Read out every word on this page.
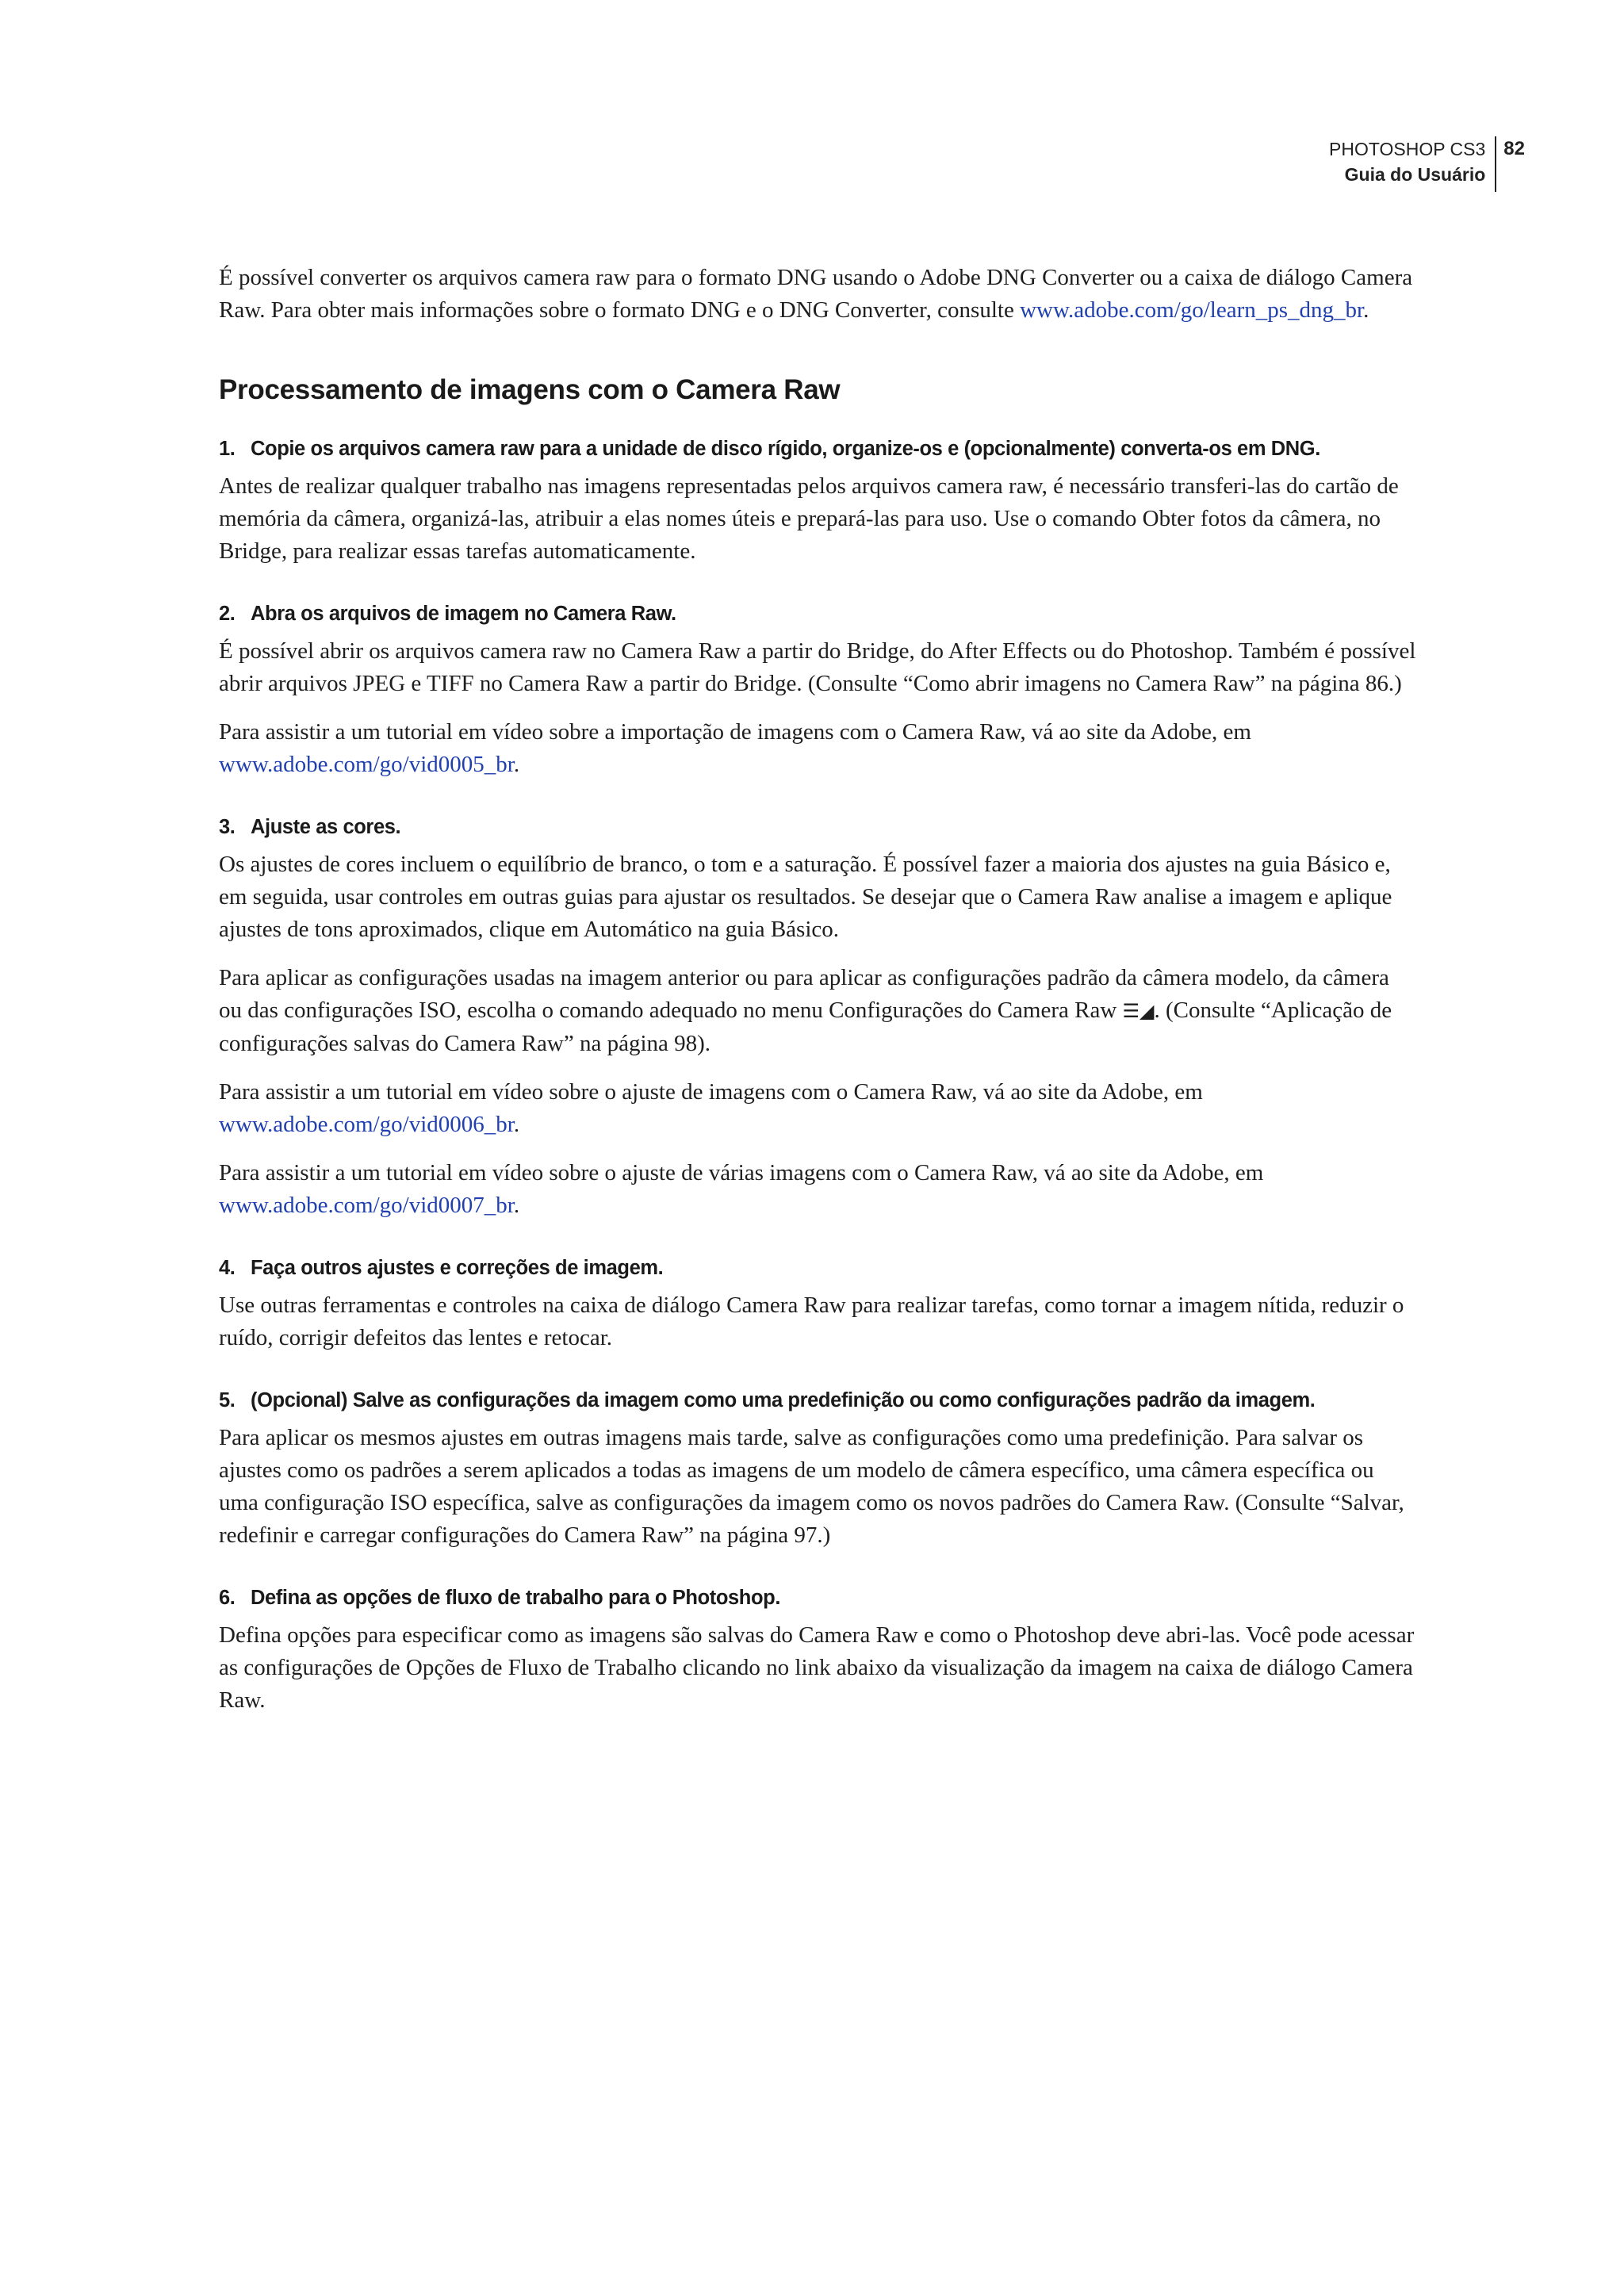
PHOTOSHOP CS3
Guia do Usuário
82

É possível converter os arquivos camera raw para o formato DNG usando o Adobe DNG Converter ou a caixa de diálogo Camera Raw. Para obter mais informações sobre o formato DNG e o DNG Converter, consulte www.adobe.com/go/learn_ps_dng_br.

Processamento de imagens com o Camera Raw
1. Copie os arquivos camera raw para a unidade de disco rígido, organize-os e (opcionalmente) converta-os em DNG.

Antes de realizar qualquer trabalho nas imagens representadas pelos arquivos camera raw, é necessário transferi-las do cartão de memória da câmera, organizá-las, atribuir a elas nomes úteis e prepará-las para uso. Use o comando Obter fotos da câmera, no Bridge, para realizar essas tarefas automaticamente.

2. Abra os arquivos de imagem no Camera Raw.

É possível abrir os arquivos camera raw no Camera Raw a partir do Bridge, do After Effects ou do Photoshop. Também é possível abrir arquivos JPEG e TIFF no Camera Raw a partir do Bridge. (Consulte “Como abrir imagens no Camera Raw” na página 86.)

Para assistir a um tutorial em vídeo sobre a importação de imagens com o Camera Raw, vá ao site da Adobe, em www.adobe.com/go/vid0005_br.

3. Ajuste as cores.

Os ajustes de cores incluem o equilíbrio de branco, o tom e a saturação. É possível fazer a maioria dos ajustes na guia Básico e, em seguida, usar controles em outras guias para ajustar os resultados. Se desejar que o Camera Raw analise a imagem e aplique ajustes de tons aproximados, clique em Automático na guia Básico.

Para aplicar as configurações usadas na imagem anterior ou para aplicar as configurações padrão da câmera modelo, da câmera ou das configurações ISO, escolha o comando adequado no menu Configurações do Camera Raw ☰◢. (Consulte “Aplicação de configurações salvas do Camera Raw” na página 98).

Para assistir a um tutorial em vídeo sobre o ajuste de imagens com o Camera Raw, vá ao site da Adobe, em www.adobe.com/go/vid0006_br.

Para assistir a um tutorial em vídeo sobre o ajuste de várias imagens com o Camera Raw, vá ao site da Adobe, em www.adobe.com/go/vid0007_br.

4. Faça outros ajustes e correções de imagem.

Use outras ferramentas e controles na caixa de diálogo Camera Raw para realizar tarefas, como tornar a imagem nítida, reduzir o ruído, corrigir defeitos das lentes e retocar.

5. (Opcional) Salve as configurações da imagem como uma predefinição ou como configurações padrão da imagem.

Para aplicar os mesmos ajustes em outras imagens mais tarde, salve as configurações como uma predefinição. Para salvar os ajustes como os padrões a serem aplicados a todas as imagens de um modelo de câmera específico, uma câmera específica ou uma configuração ISO específica, salve as configurações da imagem como os novos padrões do Camera Raw. (Consulte “Salvar, redefinir e carregar configurações do Camera Raw” na página 97.)

6. Defina as opções de fluxo de trabalho para o Photoshop.

Defina opções para especificar como as imagens são salvas do Camera Raw e como o Photoshop deve abri-las. Você pode acessar as configurações de Opções de Fluxo de Trabalho clicando no link abaixo da visualização da imagem na caixa de diálogo Camera Raw.
